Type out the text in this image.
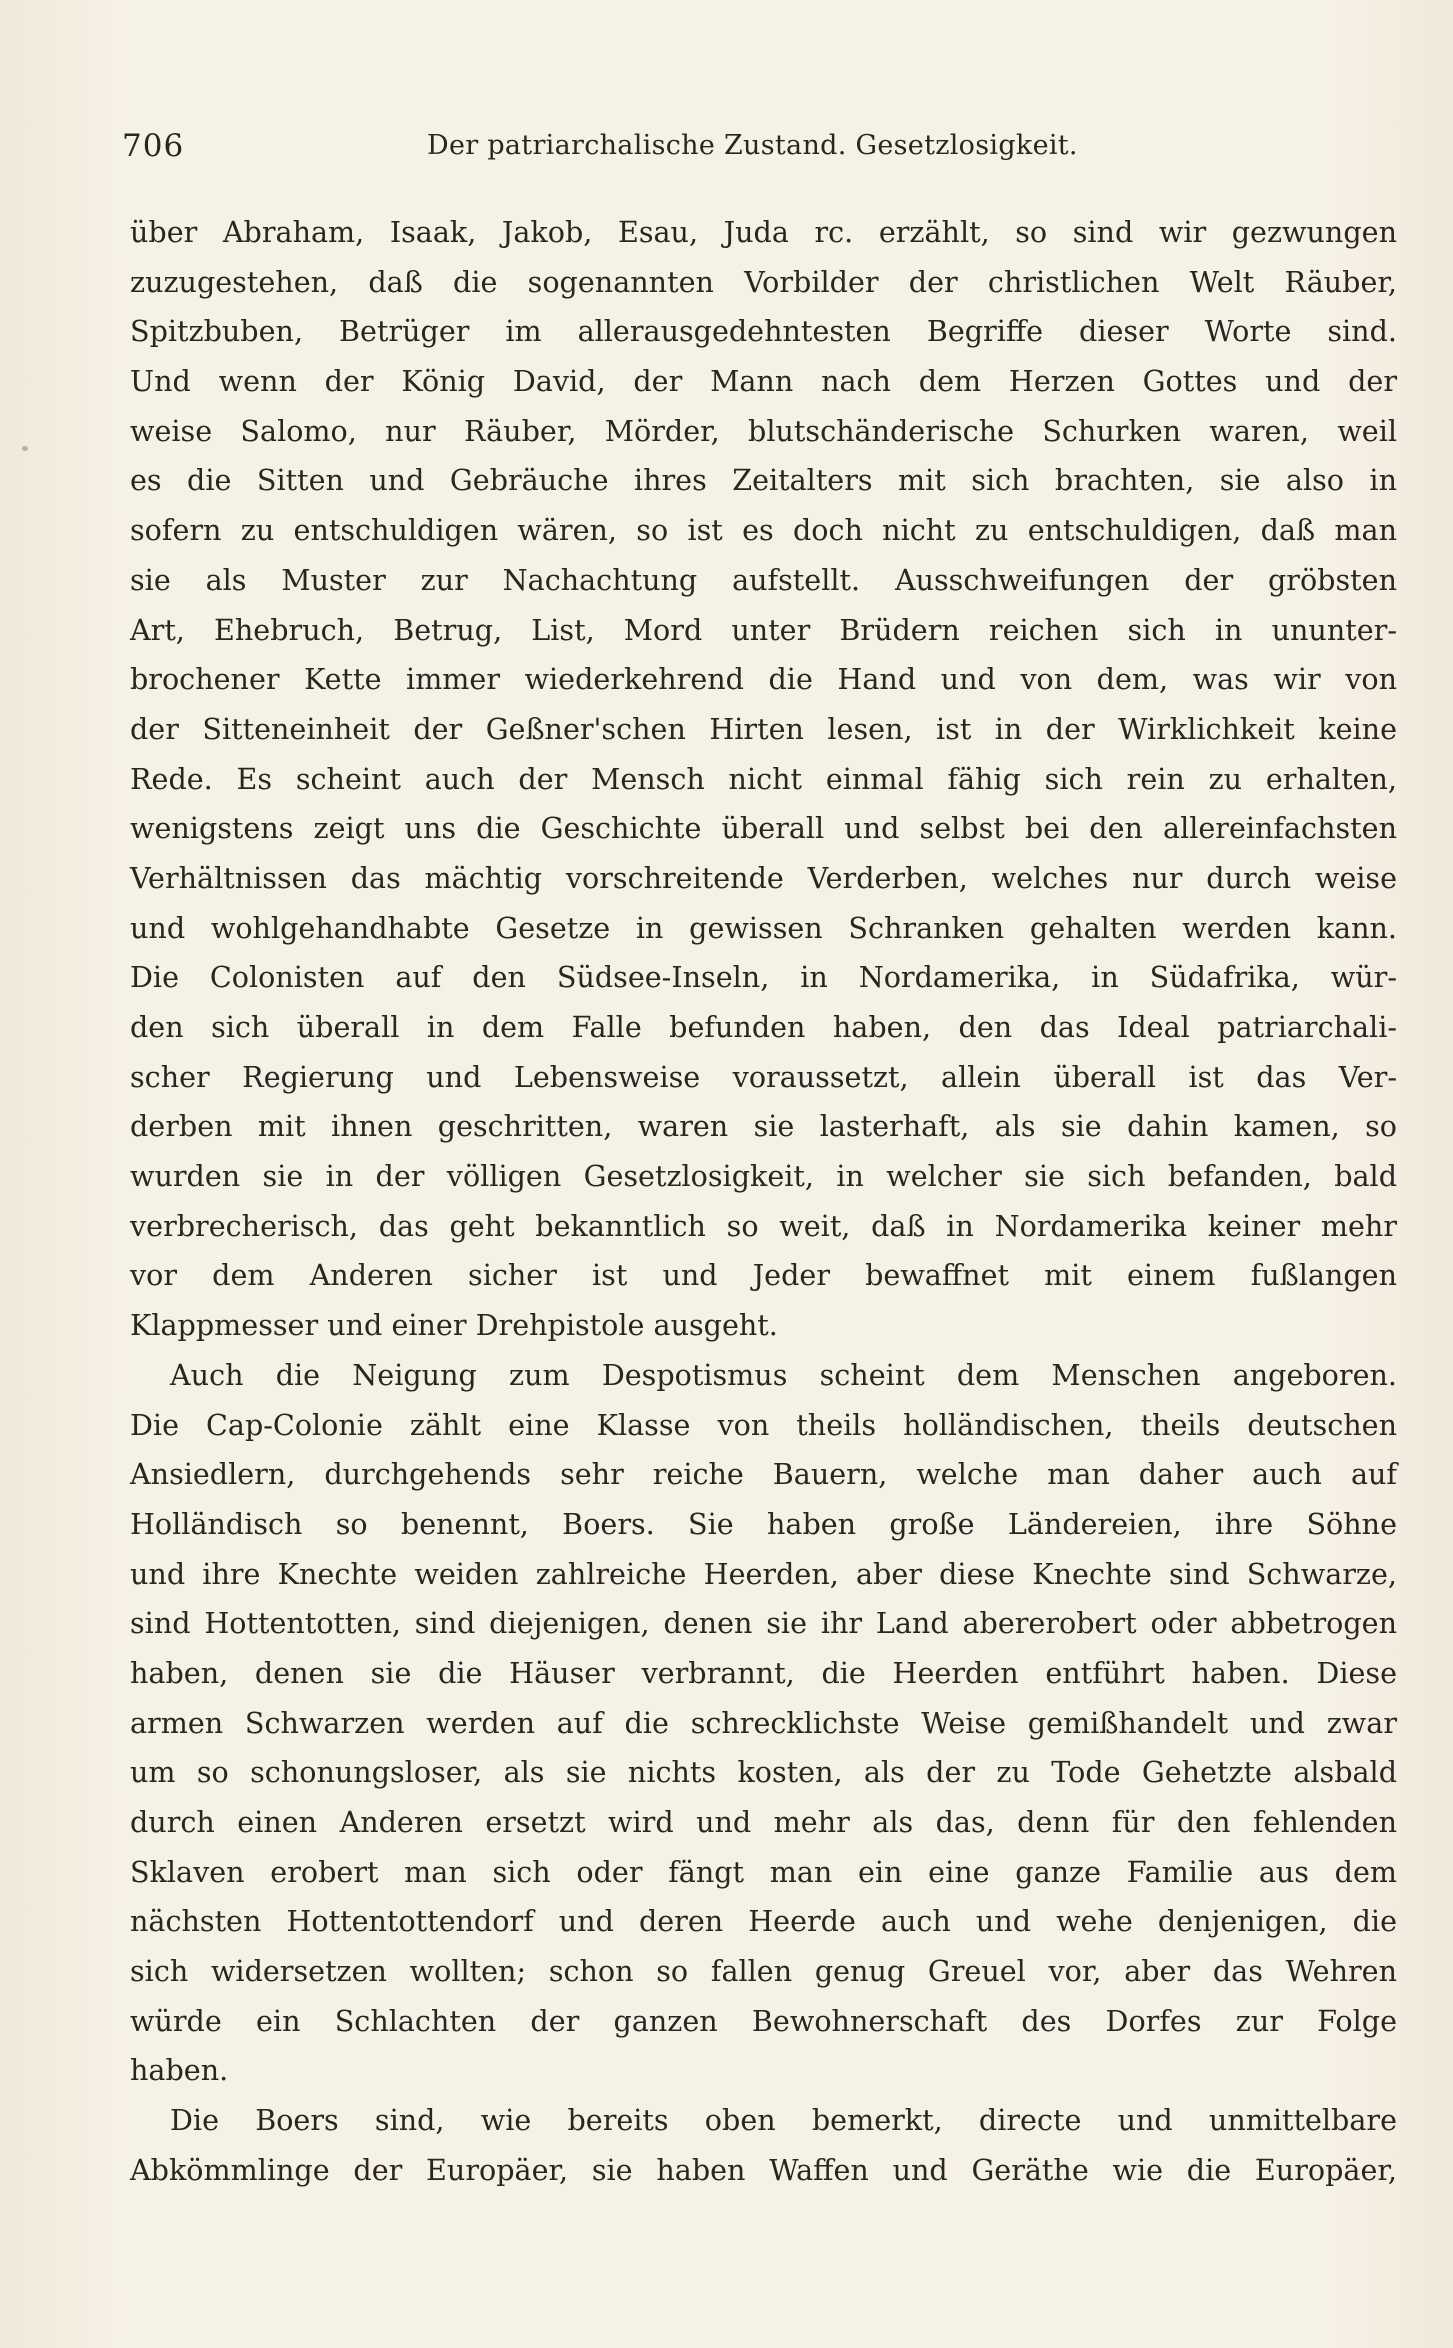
706	Der patriarchalische Zustand. Gesetzlosigkeit.
über Abraham, Isaak, Jakob, Esau, Juda rc. erzählt, so sind wir gezwungen
zuzugestehen, daß die sogenannten Vorbilder der christlichen Welt Räuber,
Spitzbuben, Betrüger im allerausgedehntesten Begriffe dieser Worte sind.
Und wenn der König David, der Mann nach dem Herzen Gottes und der
weise Salomo, nur Räuber, Mörder, blutschänderische Schurken waren, weil
es die Sitten und Gebräuche ihres Zeitalters mit sich brachten, sie also in
sofern zu entschuldigen wären, so ist es doch nicht zu entschuldigen, daß man
sie als Muster zur Nachachtung aufstellt. Ausschweifungen der gröbsten
Art, Ehebruch, Betrug, List, Mord unter Brüdern reichen sich in ununter-
brochener Kette immer wiederkehrend die Hand und von dem, was wir von
der Sitteneinheit der Geßner'schen Hirten lesen, ist in der Wirklichkeit keine
Rede. Es scheint auch der Mensch nicht einmal fähig sich rein zu erhalten,
wenigstens zeigt uns die Geschichte überall und selbst bei den allereinfachsten
Verhältnissen das mächtig vorschreitende Verderben, welches nur durch weise
und wohlgehandhabte Gesetze in gewissen Schranken gehalten werden kann.
Die Colonisten auf den Südsee-Inseln, in Nordamerika, in Südafrika, wür-
den sich überall in dem Falle befunden haben, den das Ideal patriarchali-
scher Regierung und Lebensweise voraussetzt, allein überall ist das Ver-
derben mit ihnen geschritten, waren sie lasterhaft, als sie dahin kamen, so
wurden sie in der völligen Gesetzlosigkeit, in welcher sie sich befanden, bald
verbrecherisch, das geht bekanntlich so weit, daß in Nordamerika keiner mehr
vor dem Anderen sicher ist und Jeder bewaffnet mit einem fußlangen
Klappmesser und einer Drehpistole ausgeht.
Auch die Neigung zum Despotismus scheint dem Menschen angeboren.
Die Cap-Colonie zählt eine Klasse von theils holländischen, theils deutschen
Ansiedlern, durchgehends sehr reiche Bauern, welche man daher auch auf
Holländisch so benennt, Boers. Sie haben große Ländereien, ihre Söhne
und ihre Knechte weiden zahlreiche Heerden, aber diese Knechte sind Schwarze,
sind Hottentotten, sind diejenigen, denen sie ihr Land abererobert oder abbetrogen
haben, denen sie die Häuser verbrannt, die Heerden entführt haben. Diese
armen Schwarzen werden auf die schrecklichste Weise gemißhandelt und zwar
um so schonungsloser, als sie nichts kosten, als der zu Tode Gehetzte alsbald
durch einen Anderen ersetzt wird und mehr als das, denn für den fehlenden
Sklaven erobert man sich oder fängt man ein eine ganze Familie aus dem
nächsten Hottentottendorf und deren Heerde auch und wehe denjenigen, die
sich widersetzen wollten; schon so fallen genug Greuel vor, aber das Wehren
würde ein Schlachten der ganzen Bewohnerschaft des Dorfes zur Folge
haben.
Die Boers sind, wie bereits oben bemerkt, directe und unmittelbare
Abkömmlinge der Europäer, sie haben Waffen und Geräthe wie die Europäer,
